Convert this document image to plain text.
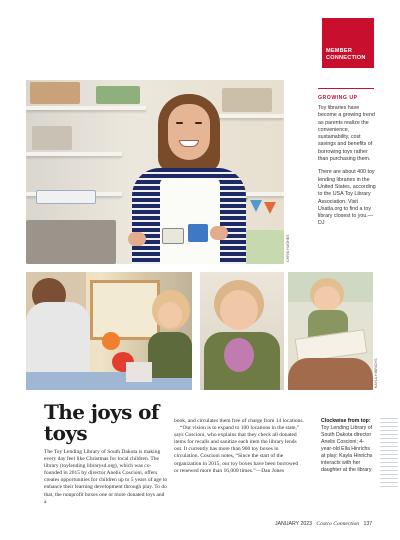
MEMBER
CONNECTION
CHRIS HUGHES
GROWING UP

Toy libraries have become a growing trend as parents realize the convenience, sustainability, cost savings and benefits of borrowing toys rather than purchasing them.

There are about 400 toy lending libraries in the United States, according to the USA Toy Library Association. Visit Usatla.org to find a toy library closest to you.—DJ

KAYLA HINRICHS
The joys of toys

The Toy Lending Library of South Dakota is making every day feel like Christmas for local children. The library (toylending librarysd.org), which was co-founded in 2015 by director Anelis Coscioni, offers creates opportunities for children up to 5 years of age to enhance their learning development through play. To do that, the nonprofit boxes one or more donated toys and a

book, and circulates them free of charge from 14 locations.

“Our vision is to expand to 100 locations in the state,” says Coscioni, who explains that they check all donated items for recalls and sanitize each item the library lends out. It currently has more than 900 toy boxes in circulation. Coscioni notes, “Since the start of the organization in 2015, our toy boxes have been borrowed or renewed more than 16,000 times.”—Dan Jones

Clockwise from top: Toy Lending Library of South Dakota director Anelis Coscioni; 4-year-old Ella Hinrichs at play; Kayla Hinrichs interacts with her daughter at the library.
JANUARY 2023 Costco Connection 137
